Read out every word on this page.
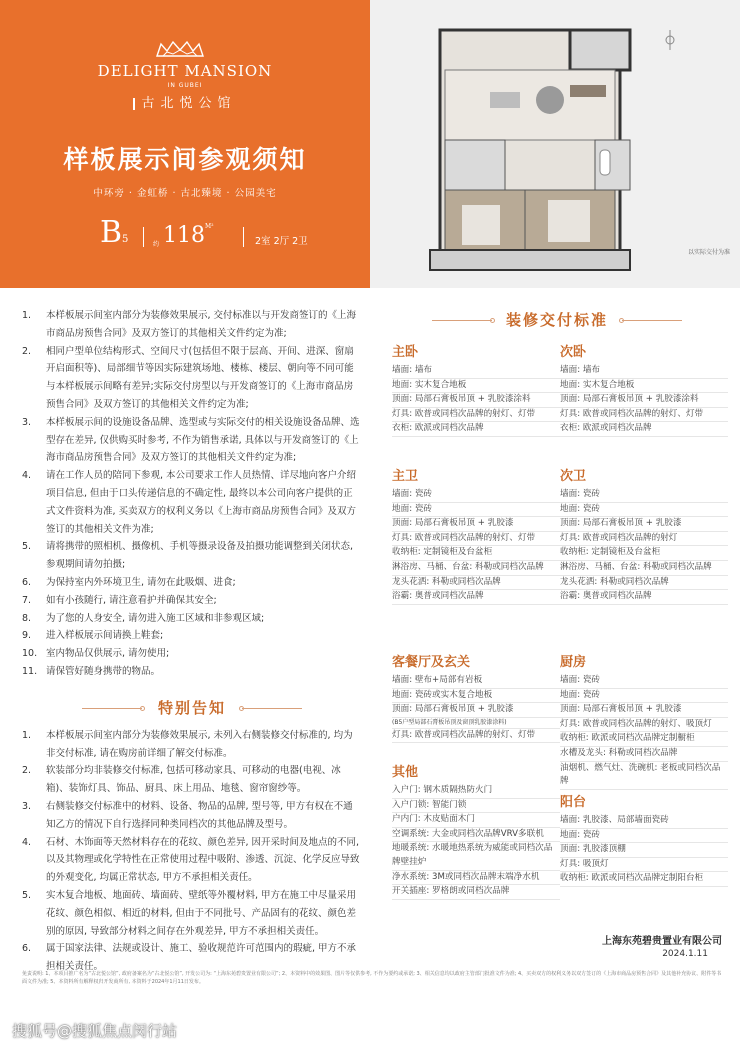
DELIGHT MANSION
IN GUBEI
古北悦公馆
样板展示间参观须知
中环旁 · 金虹桥 · 古北臻境 · 公园美宅
B5	约 $118^{M^2}$
2室 2厅 2卫
以实际交付为准
1.	本样板展示间室内部分为装修效果展示, 交付标准以与开发商签订的《上海市商品房预售合同》及双方签订的其他相关文件约定为准;
2.	相同户型单位结构形式、空间尺寸(包括但不限于层高、开间、进深、窗扇开启面积等)、局部细节等因实际建筑场地、楼栋、楼层、朝向等不同可能与本样板展示间略有差异;实际交付房型以与开发商签订的《上海市商品房预售合同》及双方签订的其他相关文件约定为准;
3.	本样板展示间的设施设备品牌、选型或与实际交付的相关设施设备品牌、选型存在差异, 仅供购买时参考, 不作为销售承诺, 具体以与开发商签订的《上海市商品房预售合同》及双方签订的其他相关文件约定为准;
4.	请在工作人员的陪同下参观, 本公司要求工作人员热情、详尽地向客户介绍项目信息, 但由于口头传递信息的不确定性, 最终以本公司向客户提供的正式文件资料为准, 买卖双方的权利义务以《上海市商品房预售合同》及双方签订的其他相关文件为准;
5.	请将携带的照相机、摄像机、手机等摄录设备及拍摄功能调整到关闭状态, 参观期间请勿拍摄;
6.	为保持室内外环境卫生, 请勿在此吸烟、进食;
7.	如有小孩随行, 请注意看护并确保其安全;
8.	为了您的人身安全, 请勿进入施工区域和非参观区域;
9.	进入样板展示间请换上鞋套;
10. 室内物品仅供展示, 请勿使用;
11. 请保管好随身携带的物品。
特别告知
1.	本样板展示间室内部分为装修效果展示, 未列入右侧装修交付标准的, 均为非交付标准, 请在购房前详细了解交付标准。
2.	软装部分均非装修交付标准, 包括可移动家具、可移动的电器(电视、冰箱)、装饰灯具、饰品、厨具、床上用品、地毯、窗帘窗纱等。
3.	右侧装修交付标准中的材料、设备、物品的品牌, 型号等, 甲方有权在不通知乙方的情况下自行选择同种类同档次的其他品牌及型号。
4.	石材、木饰面等天然材料存在的花纹、颜色差异, 因开采时间及地点的不同, 以及其物理或化学特性在正常使用过程中吸附、渗透、沉淀、化学反应导致的外观变化, 均属正常状态, 甲方不承担相关责任。
5.	实木复合地板、地面砖、墙面砖、壁纸等外覆材料, 甲方在施工中尽量采用花纹、颜色相似、相近的材料, 但由于不同批号、产品固有的花纹、颜色差别的原因, 导致部分材料之间存在外观差异, 甲方不承担相关责任。
6.	属于国家法律、法规或设计、施工、验收规范许可范围内的瑕疵, 甲方不承担相关责任。
装修交付标准
主卧
墙面: 墙布
地面: 实木复合地板
顶面: 局部石膏板吊顶 + 乳胶漆涂料
灯具: 欧普或同档次品牌的射灯、灯带
衣柜: 欧派或同档次品牌
次卧
墙面: 墙布
地面: 实木复合地板
顶面: 局部石膏板吊顶 + 乳胶漆涂料
灯具: 欧普或同档次品牌的射灯、灯带
衣柜: 欧派或同档次品牌
主卫
墙面: 瓷砖
地面: 瓷砖
顶面: 局部石膏板吊顶 + 乳胶漆
灯具: 欧普或同档次品牌的射灯、灯带
收纳柜: 定制镜柜及台盆柜
淋浴房、马桶、台盆: 科勒或同档次品牌
龙头花洒: 科勒或同档次品牌
浴霸: 奥普或同档次品牌
次卫
墙面: 瓷砖
地面: 瓷砖
顶面: 局部石膏板吊顶 + 乳胶漆
灯具: 欧普或同档次品牌的射灯
收纳柜: 定制镜柜及台盆柜
淋浴房、马桶、台盆: 科勒或同档次品牌
龙头花洒: 科勒或同档次品牌
浴霸: 奥普或同档次品牌
客餐厅及玄关
墙面: 壁布+局部有岩板
地面: 瓷砖或实木复合地板
顶面: 局部石膏板吊顶 + 乳胶漆
(B5户型局部石膏板吊顶及窗顶乳胶漆涂料)
灯具: 欧普或同档次品牌的射灯、灯带
厨房
墙面: 瓷砖
地面: 瓷砖
顶面: 局部石膏板吊顶 + 乳胶漆
灯具: 欧普或同档次品牌的射灯、吸顶灯
收纳柜: 欧派或同档次品牌定制橱柜
水槽及龙头: 科勒或同档次品牌
油烟机、燃气灶、洗碗机: 老板或同档次品牌
其他
入户门: 钢木质隔热防火门
入户门锁: 智能门锁
户内门: 木皮贴面木门
空调系统: 大金或同档次品牌VRV多联机
地暖系统: 水暖地热系统为威能或同档次品牌壁挂炉
净水系统: 3M或同档次品牌末端净水机
开关插座: 罗格朗或同档次品牌
阳台
墙面: 乳胶漆、局部墙面瓷砖
地面: 瓷砖
顶面: 乳胶漆顶棚
灯具: 吸顶灯
收纳柜: 欧派或同档次品牌定制阳台柜
上海东苑碧贵置业有限公司
2024.1.11
免责说明: 1、本项目推广名为“古北悦公馆”, 政府备案名为“古北悦公馆”, 开发公司为: “上海东苑碧贵置业有限公司”; 2、本资料中的效果图、图片等仅供参考, 不作为要约或承诺; 3、相关信息均以政府主管部门批准文件为准; 4、买卖双方的权利义务以双方签订的《上海市商品房预售合同》及其他补充协议、附件等书面文件为准; 5、本资料所有解释权归开发商所有, 本资料于2024年1月11日发布。
搜狐号@搜狐焦点闵行站
